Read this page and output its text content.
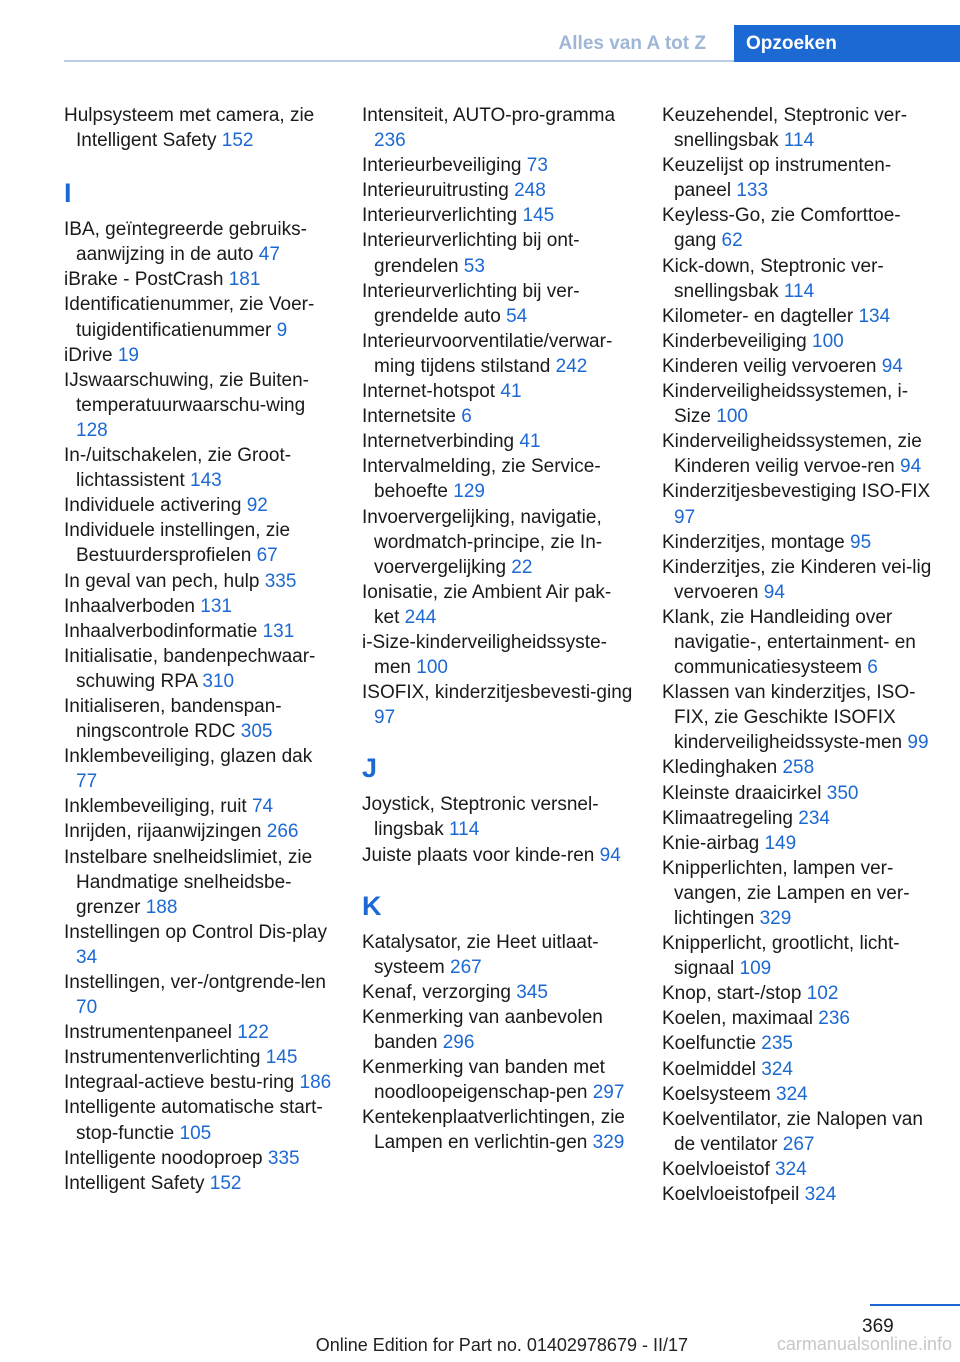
Alles van A tot Z	Opzoeken

Hulpsysteem met camera, zie Intelligent Safety 152

I

IBA, geïntegreerde gebruiks‐aanwijzing in de auto 47

iBrake - PostCrash 181

Identificatienummer, zie Voer‐tuigidentificatienummer 9

iDrive 19

IJswaarschuwing, zie Buiten‐temperatuurwaarschu‐wing 128

In-/uitschakelen, zie Groot‐lichtassistent 143

Individuele activering 92

Individuele instellingen, zie Bestuurdersprofielen 67

In geval van pech, hulp 335

Inhaalverboden 131

Inhaalverbodinformatie 131

Initialisatie, bandenpechwaar‐schuwing RPA 310

Initialiseren, bandenspan‐ningscontrole RDC 305

Inklembeveiliging, glazen dak 77

Inklembeveiliging, ruit 74

Inrijden, rijaanwijzingen 266

Instelbare snelheidslimiet, zie Handmatige snelheidsbe‐grenzer 188

Instellingen op Control Dis‐play 34

Instellingen, ver-/ontgrende‐len 70

Instrumentenpaneel 122

Instrumentenverlichting 145

Integraal-actieve bestu‐ring 186

Intelligente automatische start-stop-functie 105

Intelligente noodoproep 335

Intelligent Safety 152

Intensiteit, AUTO-pro‐gramma 236

Interieurbeveiliging 73

Interieuruitrusting 248

Interieurverlichting 145

Interieurverlichting bij ont‐grendelen 53

Interieurverlichting bij ver‐grendelde auto 54

Interieurvoorventilatie/verwar‐ming tijdens stilstand 242

Internet-hotspot 41

Internetsite 6

Internetverbinding 41

Intervalmelding, zie Service‐behoefte 129

Invoervergelijking, navigatie, wordmatch-principe, zie In‐voervergelijking 22

Ionisatie, zie Ambient Air pak‐ket 244

i-Size-kinderveiligheidssyste‐men 100

ISOFIX, kinderzitjesbevesti‐ging 97

J

Joystick, Steptronic versnel‐lingsbak 114

Juiste plaats voor kinde‐ren 94

K

Katalysator, zie Heet uitlaat‐systeem 267

Kenaf, verzorging 345

Kenmerking van aanbevolen banden 296

Kenmerking van banden met noodloopeigenschap‐pen 297

Kentekenplaatverlichtingen, zie Lampen en verlichtin‐gen 329

Keuzehendel, Steptronic ver‐snellingsbak 114

Keuzelijst op instrumenten‐paneel 133

Keyless-Go, zie Comforttoe‐gang 62

Kick-down, Steptronic ver‐snellingsbak 114

Kilometer- en dagteller 134

Kinderbeveiliging 100

Kinderen veilig vervoeren 94

Kinderveiligheidssystemen, i-Size 100

Kinderveiligheidssystemen, zie Kinderen veilig vervoe‐ren 94

Kinderzitjesbevestiging ISO‐FIX 97

Kinderzitjes, montage 95

Kinderzitjes, zie Kinderen vei‐lig vervoeren 94

Klank, zie Handleiding over navigatie-, entertainment- en communicatiesysteem 6

Klassen van kinderzitjes, ISO‐FIX, zie Geschikte ISOFIX kinderveiligheidssyste‐men 99

Kledinghaken 258

Kleinste draaicirkel 350

Klimaatregeling 234

Knie-airbag 149

Knipperlichten, lampen ver‐vangen, zie Lampen en ver‐lichtingen 329

Knipperlicht, grootlicht, licht‐signaal 109

Knop, start-/stop 102

Koelen, maximaal 236

Koelfunctie 235

Koelmiddel 324

Koelsysteem 324

Koelventilator, zie Nalopen van de ventilator 267

Koelvloeistof 324

Koelvloeistofpeil 324

369
Online Edition for Part no. 01402978679 - II/17	carmanualsonline.info
